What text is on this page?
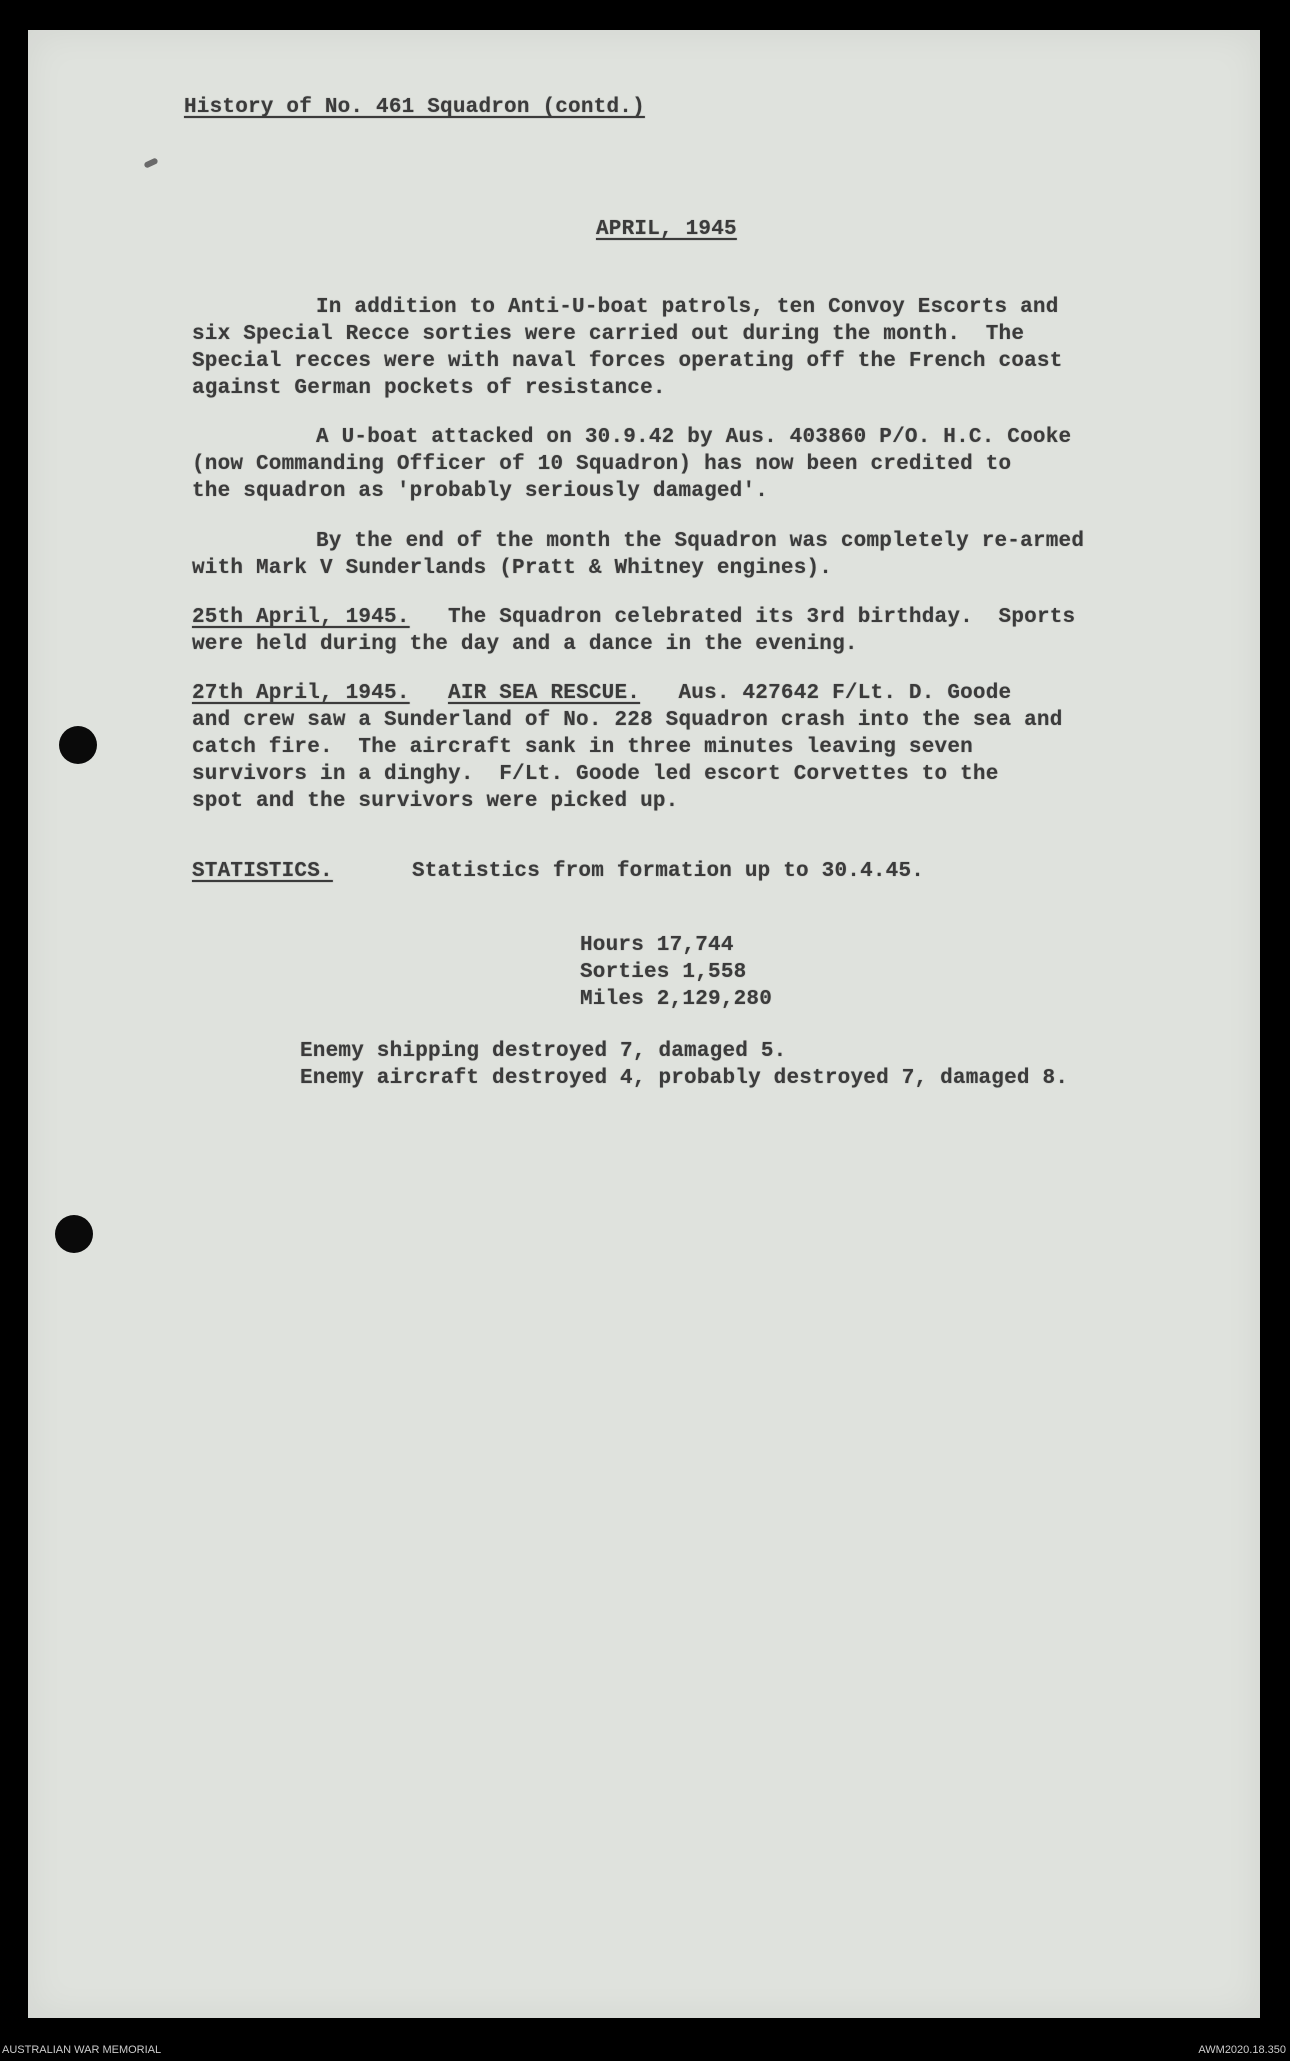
History of No. 461 Squadron (contd.)
APRIL, 1945
In addition to Anti-U-boat patrols, ten Convoy Escorts and
six Special Recce sorties were carried out during the month.  The
Special recces were with naval forces operating off the French coast
against German pockets of resistance.
A U-boat attacked on 30.9.42 by Aus. 403860 P/O. H.C. Cooke
(now Commanding Officer of 10 Squadron) has now been credited to
the squadron as 'probably seriously damaged'.
By the end of the month the Squadron was completely re-armed
with Mark V Sunderlands (Pratt & Whitney engines).
25th April, 1945.   The Squadron celebrated its 3rd birthday.  Sports
were held during the day and a dance in the evening.
27th April, 1945. AIR SEA RESCUE.   Aus. 427642 F/Lt. D. Goode
and crew saw a Sunderland of No. 228 Squadron crash into the sea and
catch fire.  The aircraft sank in three minutes leaving seven
survivors in a dinghy.  F/Lt. Goode led escort Corvettes to the
spot and the survivors were picked up.
STATISTICS.	Statistics from formation up to 30.4.45.
Hours 17,744
Sorties 1,558
Miles 2,129,280
Enemy shipping destroyed 7, damaged 5.
Enemy aircraft destroyed 4, probably destroyed 7, damaged 8.
AUSTRALIAN WAR MEMORIAL	AWM2020.18.350
